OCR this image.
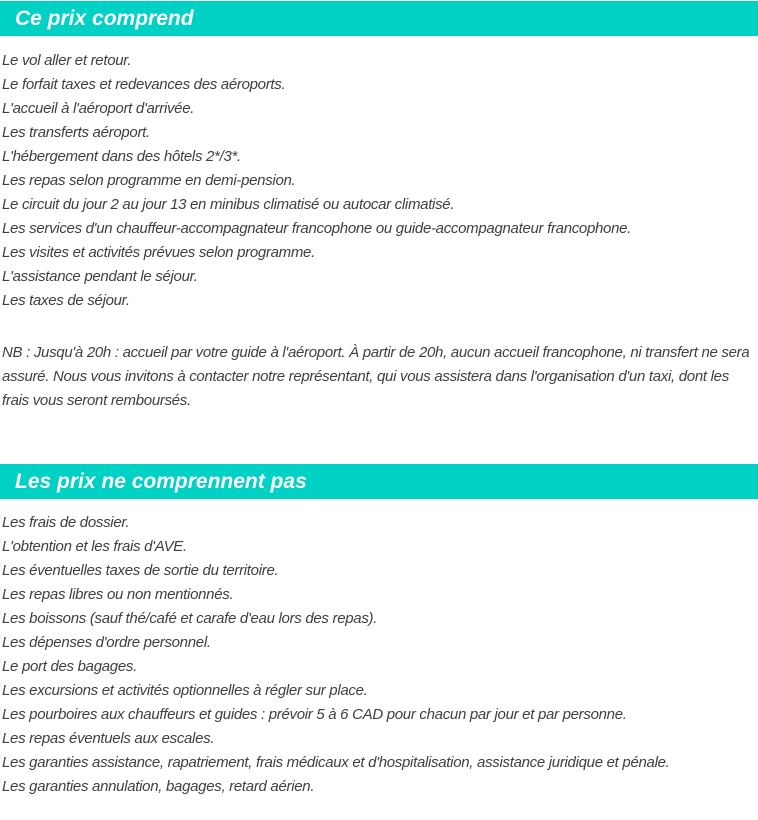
Ce prix comprend

Le vol aller et retour.

Le forfait taxes et redevances des aéroports.

L'accueil à l'aéroport d'arrivée.

Les transferts aéroport.

L'hébergement dans des hôtels 2*/3*.

Les repas selon programme en demi-pension.

Le circuit du jour 2 au jour 13 en minibus climatisé ou autocar climatisé.

Les services d'un chauffeur-accompagnateur francophone ou guide-accompagnateur francophone.

Les visites et activités prévues selon programme.

L'assistance pendant le séjour.

Les taxes de séjour.

NB : Jusqu'à 20h : accueil par votre guide à l'aéroport. À partir de 20h, aucun accueil francophone, ni transfert ne sera assuré. Nous vous invitons à contacter notre représentant, qui vous assistera dans l'organisation d'un taxi, dont les frais vous seront remboursés.

Les prix ne comprennent pas

Les frais de dossier.

L'obtention et les frais d'AVE.

Les éventuelles taxes de sortie du territoire.

Les repas libres ou non mentionnés.

Les boissons (sauf thé/café et carafe d'eau lors des repas).

Les dépenses d'ordre personnel.

Le port des bagages.

Les excursions et activités optionnelles à régler sur place.

Les pourboires aux chauffeurs et guides : prévoir 5 à 6 CAD pour chacun par jour et par personne.

Les repas éventuels aux escales.

Les garanties assistance, rapatriement, frais médicaux et d'hospitalisation, assistance juridique et pénale.

Les garanties annulation, bagages, retard aérien.
